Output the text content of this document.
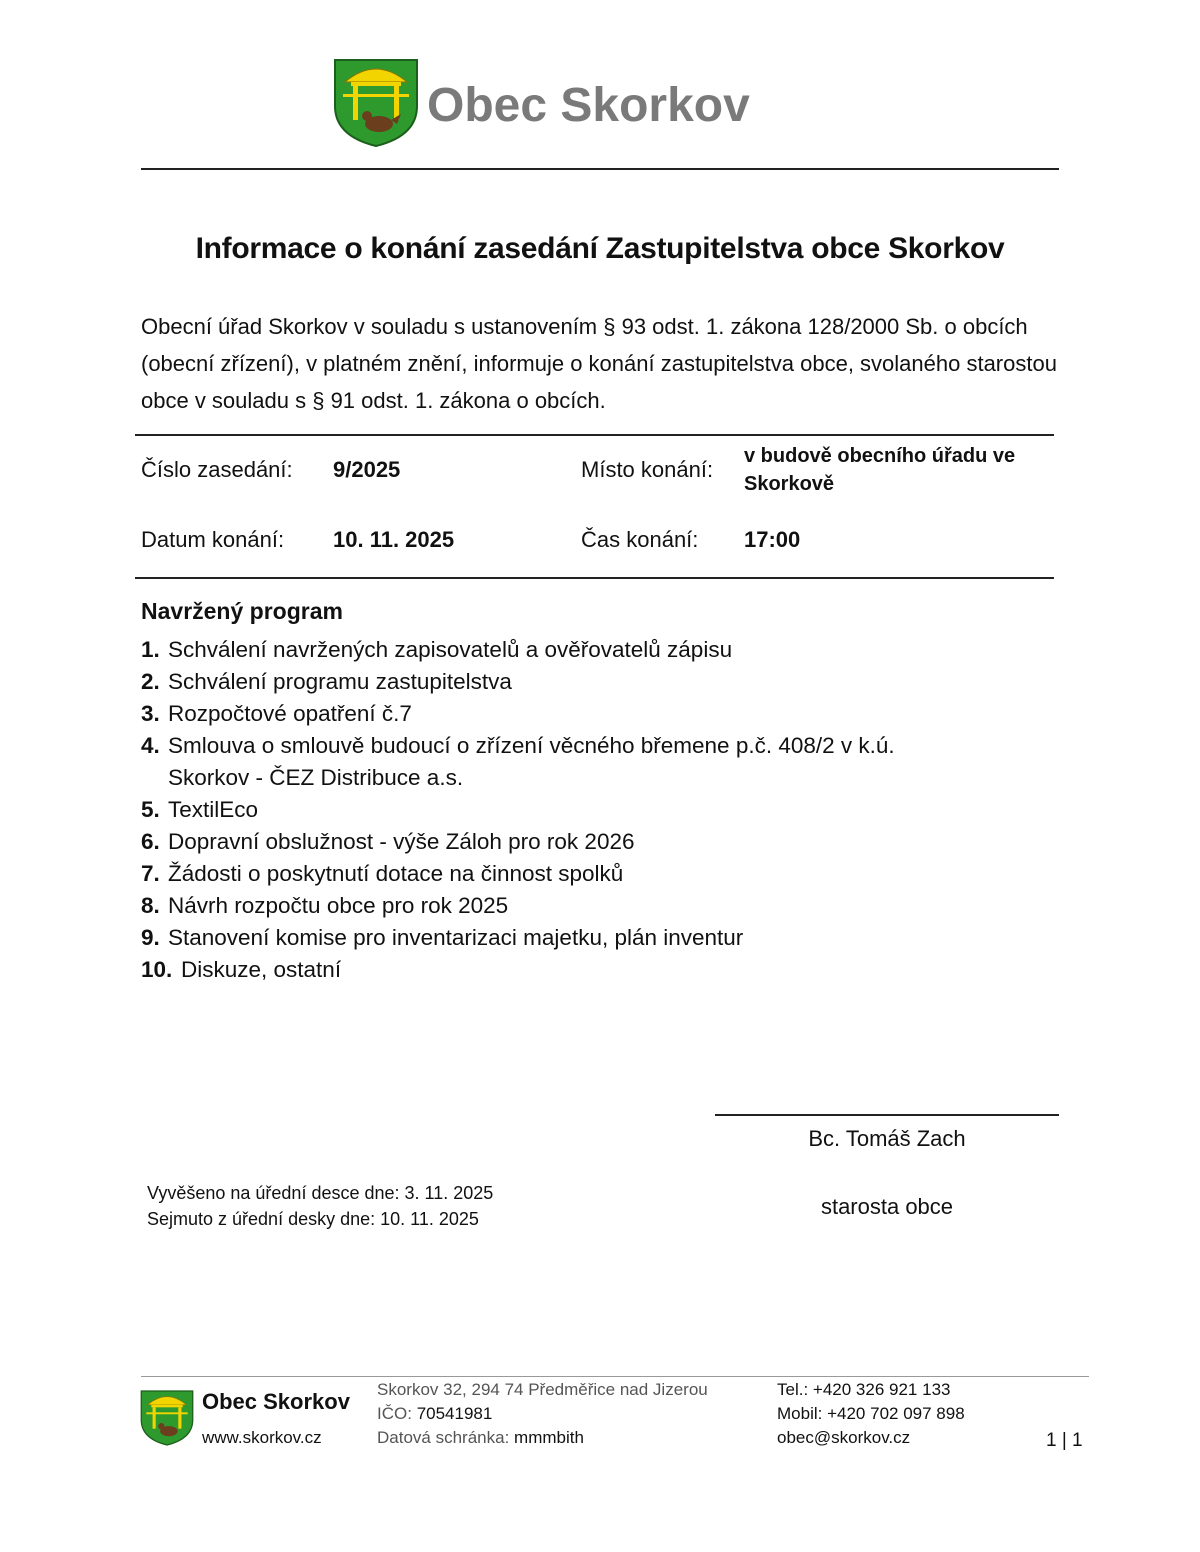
Obec Skorkov
Informace o konání zasedání Zastupitelstva obce Skorkov
Obecní úřad Skorkov v souladu s ustanovením § 93 odst. 1. zákona 128/2000 Sb. o obcích (obecní zřízení), v platném znění, informuje o konání zastupitelstva obce, svolaného starostou obce v souladu s § 91 odst. 1. zákona o obcích.
Číslo zasedání: 9/2025	Místo konání:
v budově obecního úřadu ve Skorkově
Datum konání: 10. 11. 2025	Čas konání: 17:00
Navržený program
1. Schválení navržených zapisovatelů a ověřovatelů zápisu
2. Schválení programu zastupitelstva
3. Rozpočtové opatření č.7
4. Smlouva o smlouvě budoucí o zřízení věcného břemene p.č. 408/2 v k.ú. Skorkov - ČEZ Distribuce a.s.
5. TextilEco
6. Dopravní obslužnost - výše Záloh pro rok 2026
7. Žádosti o poskytnutí dotace na činnost spolků
8. Návrh rozpočtu obce pro rok 2025
9. Stanovení komise pro inventarizaci majetku, plán inventur
10. Diskuze, ostatní
Bc. Tomáš Zach
starosta obce
Vyvěšeno na úřední desce dne: 3. 11. 2025
Sejmuto z úřední desky dne: 10. 11. 2025
Obec Skorkov
www.skorkov.cz
Skorkov 32, 294 74 Předměřice nad Jizerou
IČO: 70541981
Datová schránka: mmmbith
Tel.: +420 326 921 133
Mobil: +420 702 097 898
obec@skorkov.cz	1 | 1
